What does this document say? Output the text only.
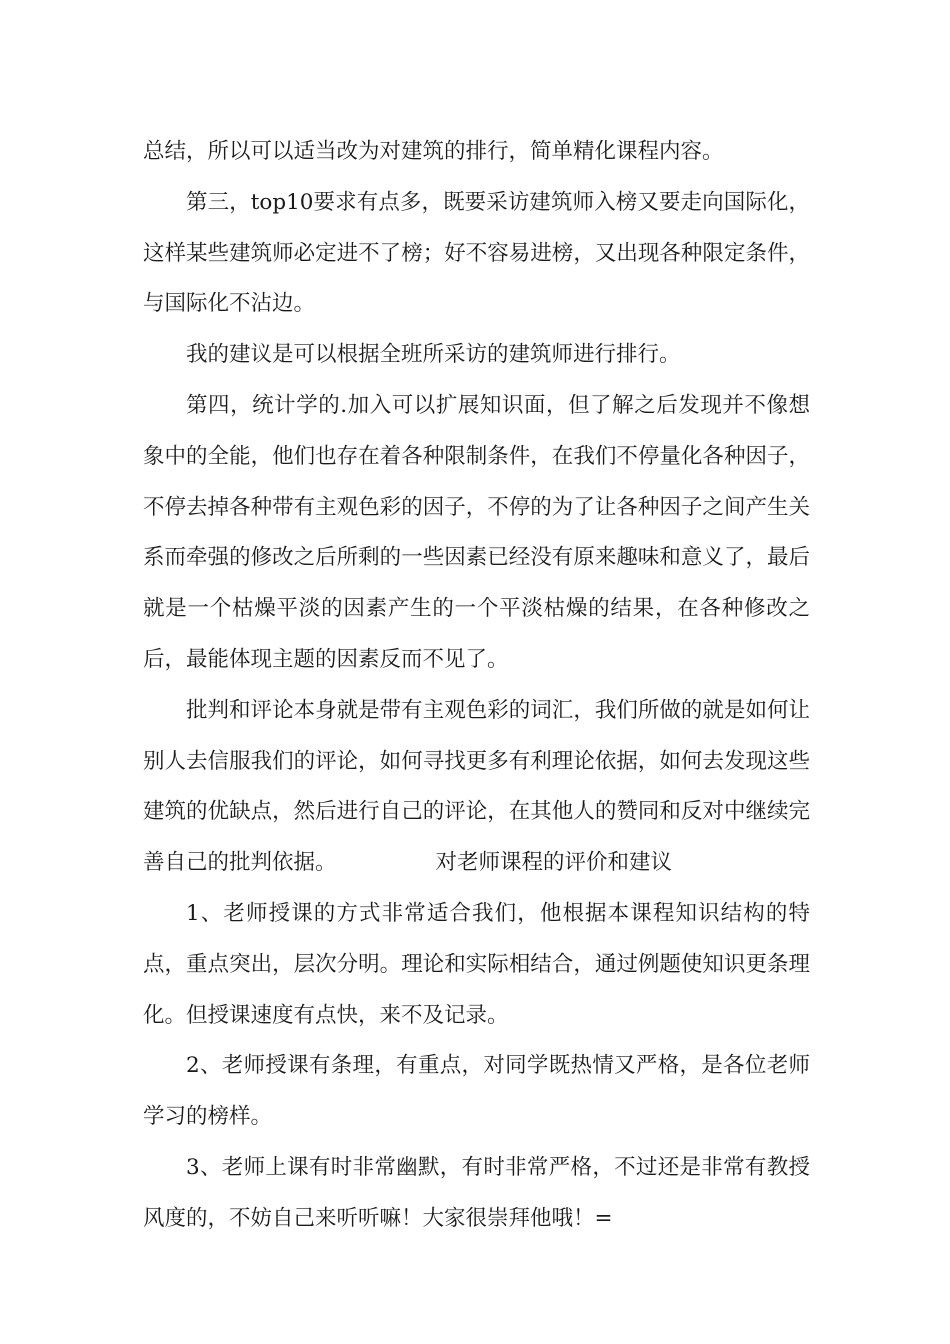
总结，所以可以适当改为对建筑的排行，简单精化课程内容。

第三，top10要求有点多，既要采访建筑师入榜又要走向国际化，这样某些建筑师必定进不了榜；好不容易进榜，又出现各种限定条件，与国际化不沾边。

我的建议是可以根据全班所采访的建筑师进行排行。

第四，统计学的.加入可以扩展知识面，但了解之后发现并不像想象中的全能，他们也存在着各种限制条件，在我们不停量化各种因子，不停去掉各种带有主观色彩的因子，不停的为了让各种因子之间产生关系而牵强的修改之后所剩的一些因素已经没有原来趣味和意义了，最后就是一个枯燥平淡的因素产生的一个平淡枯燥的结果，在各种修改之后，最能体现主题的因素反而不见了。

批判和评论本身就是带有主观色彩的词汇，我们所做的就是如何让别人去信服我们的评论，如何寻找更多有利理论依据，如何去发现这些建筑的优缺点，然后进行自己的评论，在其他人的赞同和反对中继续完善自己的批判依据。	对老师课程的评价和建议

1、老师授课的方式非常适合我们，他根据本课程知识结构的特点，重点突出，层次分明。理论和实际相结合，通过例题使知识更条理化。但授课速度有点快，来不及记录。

2、老师授课有条理，有重点，对同学既热情又严格，是各位老师学习的榜样。

3、老师上课有时非常幽默，有时非常严格，不过还是非常有教授风度的，不妨自己来听听嘛！大家很崇拜他哦！=
